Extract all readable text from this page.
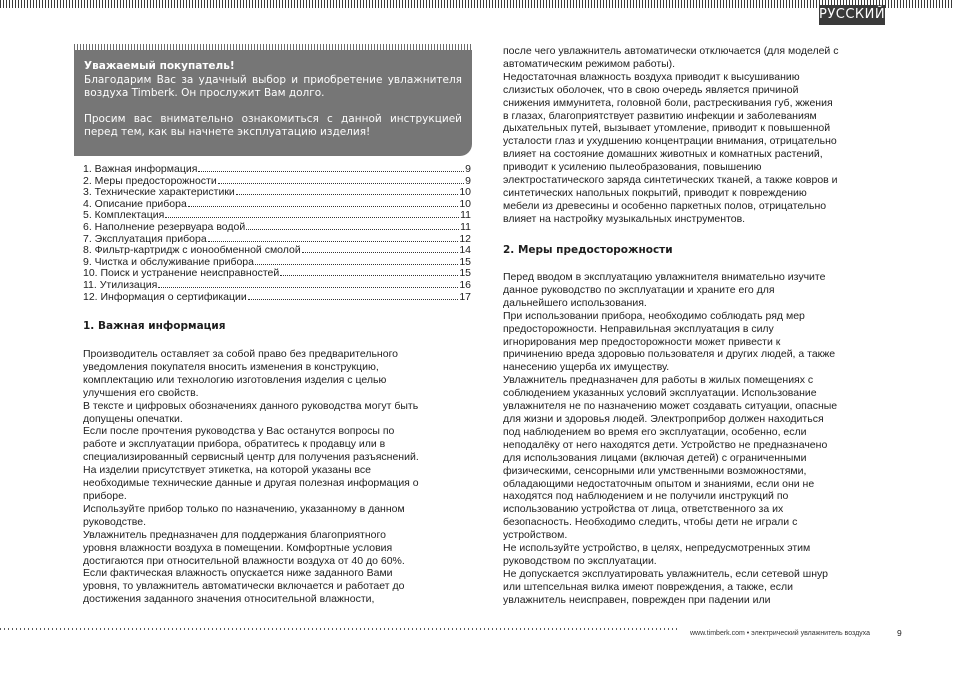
РУССКИЙ
Уважаемый покупатель!

Благодарим Вас за удачный выбор и приобретение увлажнителя воздуха Timberk. Он прослужит Вам долго.

Просим вас внимательно ознакомиться с данной инструкцией перед тем, как вы начнете эксплуатацию изделия!

1. Важная информация	9
2. Меры предосторожности	9
3. Технические характеристики	10
4. Описание прибора	10
5. Комплектация	11
6. Наполнение резервуара водой	11
7. Эксплуатация прибора	12
8. Фильтр-картридж с ионообменной смолой	14
9. Чистка и обслуживание прибора	15
10. Поиск и устранение неисправностей	15
11. Утилизация	16
12. Информация о сертификации	17
1. Важная информация

Производитель оставляет за собой право без предварительного

уведомления покупателя вносить изменения в конструкцию,

комплектацию или технологию изготовления изделия с целью

улучшения его свойств.

В тексте и цифровых обозначениях данного руководства могут быть

допущены опечатки.

Если после прочтения руководства у Вас останутся вопросы по

работе и эксплуатации прибора, обратитесь к продавцу или в

специализированный сервисный центр для получения разъяснений.

На изделии присутствует этикетка, на которой указаны все

необходимые технические данные и другая полезная информация о

приборе.

Используйте прибор только по назначению, указанному в данном

руководстве.

Увлажнитель предназначен для поддержания благоприятного

уровня влажности воздуха в помещении. Комфортные условия

достигаются при относительной влажности воздуха от 40 до 60%.

Если фактическая влажность опускается ниже заданного Вами

уровня, то увлажнитель автоматически включается и работает до

достижения заданного значения относительной влажности,

после чего увлажнитель автоматически отключается (для моделей с

автоматическим режимом работы).

Недостаточная влажность воздуха приводит к высушиванию

слизистых оболочек, что в свою очередь является причиной

снижения иммунитета, головной боли, растрескивания губ, жжения

в глазах, благоприятствует развитию инфекции и заболеваниям

дыхательных путей, вызывает утомление, приводит к повышенной

усталости глаз и ухудшению концентрации внимания, отрицательно

влияет на состояние домашних животных и комнатных растений,

приводит к усилению пылеобразования, повышению

электростатического заряда синтетических тканей, а также ковров и

синтетических напольных покрытий, приводит к повреждению

мебели из древесины и особенно паркетных полов, отрицательно

влияет на настройку музыкальных инструментов.

2. Меры предосторожности

Перед вводом в эксплуатацию увлажнителя внимательно изучите

данное руководство по эксплуатации и храните его для

дальнейшего использования.

При использовании прибора, необходимо соблюдать ряд мер

предосторожности. Неправильная эксплуатация в силу

игнорирования мер предосторожности может привести к

причинению вреда здоровью пользователя и других людей, а также

нанесению ущерба их имуществу.

Увлажнитель предназначен для работы в жилых помещениях с

соблюдением указанных условий эксплуатации. Использование

увлажнителя не по назначению может создавать ситуации, опасные

для жизни и здоровья людей. Электроприбор должен находиться

под наблюдением во время его эксплуатации, особенно, если

неподалёку от него находятся дети. Устройство не предназначено

для использования лицами (включая детей) с ограниченными

физическими, сенсорными или умственными возможностями,

обладающими недостаточным опытом и знаниями, если они не

находятся под наблюдением и не получили инструкций по

использованию устройства от лица, ответственного за их

безопасность. Необходимо следить, чтобы дети не играли с

устройством.

Не используйте устройство, в целях, непредусмотренных этим

руководством по эксплуатации.

Не допускается эксплуатировать увлажнитель, если сетевой шнур

или штепсельная вилка имеют повреждения, а также, если

увлажнитель неисправен, поврежден при падении или

www.timberk.com • электрический увлажнитель воздуха	9
